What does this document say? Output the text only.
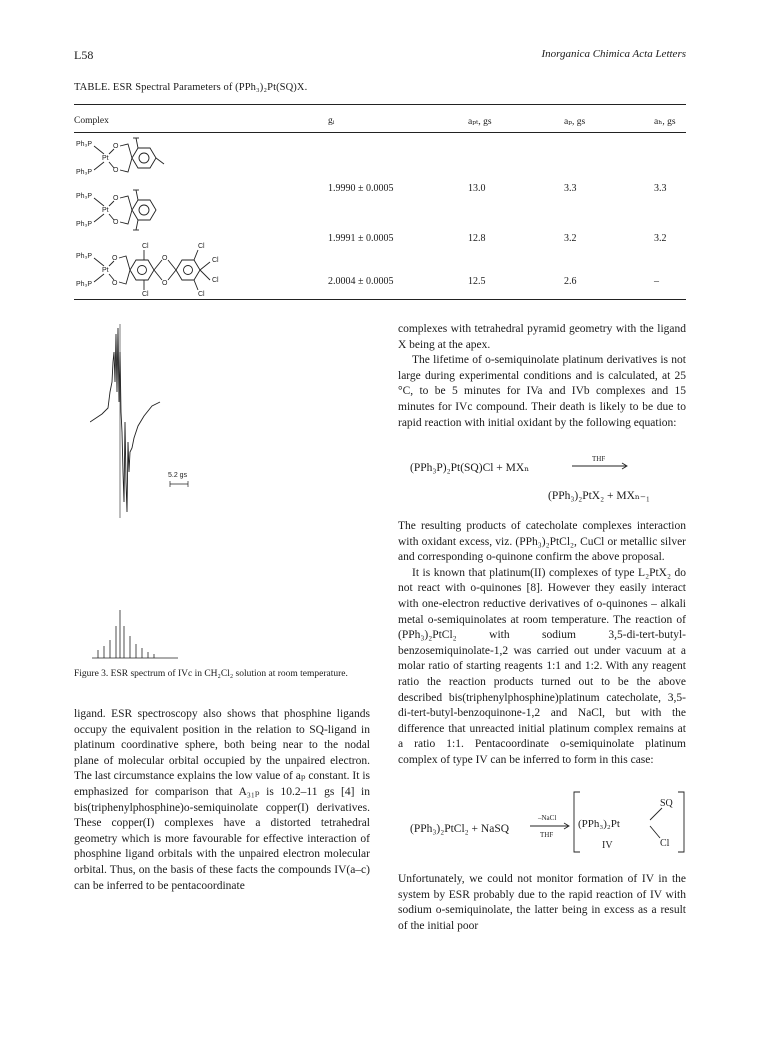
L58	Inorganica Chimica Acta Letters
TABLE. ESR Spectral Parameters of (PPh₃)₂Pt(SQ)X.
Complex	gᵢ	aₚₜ, gs	aₚ, gs	aₕ, gs
Ph₃P
Ph₃P
Pt
O
O
1.9990 ± 0.0005	13.0	3.3	3.3
Ph₃P
Ph₃P
Pt
O
O
1.9991 ± 0.0005	12.8	3.2	3.2
Ph₃P
Ph₃P
Pt
O
O
O
O
Cl
Cl
Cl
Cl
Cl
Cl
2.0004 ± 0.0005	12.5	2.6	–
5.2 gs
Figure 3. ESR spectrum of IVc in CH₂Cl₂ solution at room temperature.

ligand. ESR spectroscopy also shows that phosphine ligands occupy the equivalent position in the relation to SQ-ligand in platinum coordinative sphere, both being near to the nodal plane of molecular orbital occupied by the unpaired electron. The last circumstance explains the low value of aₚ constant. It is emphasized for comparison that A₃₁ₚ is 10.2–11 gs [4] in bis(triphenylphosphine)o-semiquinolate copper(I) derivatives. These copper(I) complexes have a distorted tetrahedral geometry which is more favourable for effective interaction of phosphine ligand orbitals with the unpaired electron molecular orbital. Thus, on the basis of these facts the compounds IV(a–c) can be inferred to be pentacoordinate

complexes with tetrahedral pyramid geometry with the ligand X being at the apex.

The lifetime of o-semiquinolate platinum derivatives is not large during experimental conditions and is calculated, at 25 °C, to be 5 minutes for IVa and IVb complexes and 15 minutes for IVc compound. Their death is likely to be due to rapid reaction with initial oxidant by the following equation:

(PPh₃P)₂Pt(SQ)Cl + MXₙ
THF
(PPh₃)₂PtX₂ + MXₙ₋₁

The resulting products of catecholate complexes interaction with oxidant excess, viz. (PPh₃)₂PtCl₂, CuCl or metallic silver and corresponding o-quinone confirm the above proposal.

It is known that platinum(II) complexes of type L₂PtX₂ do not react with o-quinones [8]. However they easily interact with one-electron reductive derivatives of o-quinones – alkali metal o-semiquinolates at room temperature. The reaction of (PPh₃)₂PtCl₂ with sodium 3,5-di-tert-butyl-benzosemiquinolate-1,2 was carried out under vacuum at a molar ratio of starting reagents 1:1 and 1:2. With any reagent ratio the reaction products turned out to be the above described bis(triphenylphosphine)platinum catecholate, 3,5-di-tert-butyl-benzoquinone-1,2 and NaCl, but with the difference that unreacted initial platinum complex remains at a ratio 1:1. Pentacoordinate o-semiquinolate platinum complex of type IV can be inferred to form in this case:

(PPh₃)₂PtCl₂ + NaSQ
–NaCl
THF
(PPh₃)₂Pt
SQ
Cl
IV

Unfortunately, we could not monitor formation of IV in the system by ESR probably due to the rapid reaction of IV with sodium o-semiquinolate, the latter being in excess as a result of the initial poor
